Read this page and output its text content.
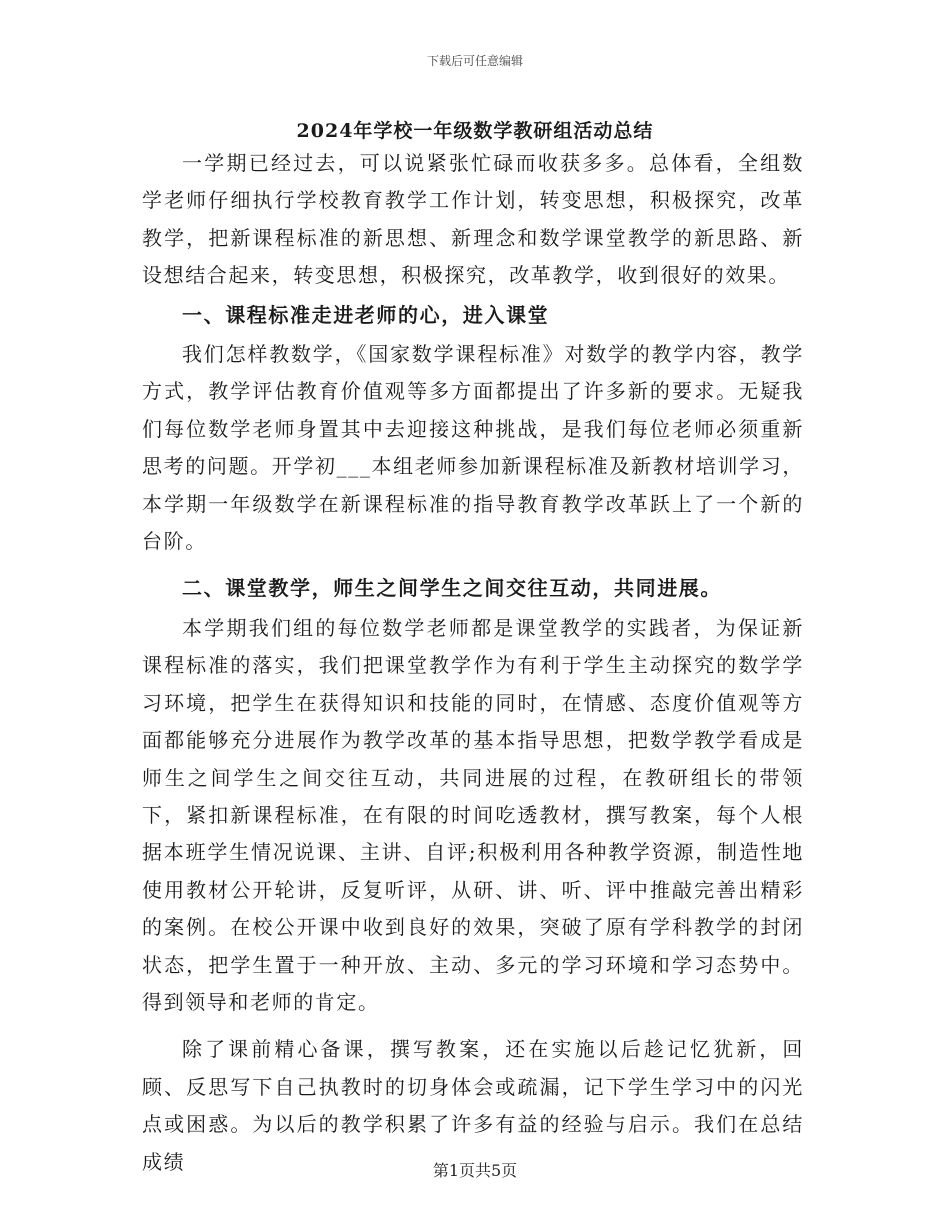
下载后可任意编辑
2024年学校一年级数学教研组活动总结

一学期已经过去，可以说紧张忙碌而收获多多。总体看，全组数学老师仔细执行学校教育教学工作计划，转变思想，积极探究，改革教学，把新课程标准的新思想、新理念和数学课堂教学的新思路、新设想结合起来，转变思想，积极探究，改革教学，收到很好的效果。

一、课程标准走进老师的心，进入课堂

我们怎样教数学，《国家数学课程标准》对数学的教学内容，教学方式，教学评估教育价值观等多方面都提出了许多新的要求。无疑我们每位数学老师身置其中去迎接这种挑战，是我们每位老师必须重新思考的问题。开学初___本组老师参加新课程标准及新教材培训学习，本学期一年级数学在新课程标准的指导教育教学改革跃上了一个新的台阶。

二、课堂教学，师生之间学生之间交往互动，共同进展。

本学期我们组的每位数学老师都是课堂教学的实践者，为保证新课程标准的落实，我们把课堂教学作为有利于学生主动探究的数学学习环境，把学生在获得知识和技能的同时，在情感、态度价值观等方面都能够充分进展作为教学改革的基本指导思想，把数学教学看成是师生之间学生之间交往互动，共同进展的过程，在教研组长的带领下，紧扣新课程标准，在有限的时间吃透教材，撰写教案，每个人根据本班学生情况说课、主讲、自评;积极利用各种教学资源，制造性地使用教材公开轮讲，反复听评，从研、讲、听、评中推敲完善出精彩的案例。在校公开课中收到良好的效果，突破了原有学科教学的封闭状态，把学生置于一种开放、主动、多元的学习环境和学习态势中。得到领导和老师的肯定。

除了课前精心备课，撰写教案，还在实施以后趁记忆犹新，回顾、反思写下自己执教时的切身体会或疏漏，记下学生学习中的闪光点或困惑。为以后的教学积累了许多有益的经验与启示。我们在总结成绩	第1页共5页
